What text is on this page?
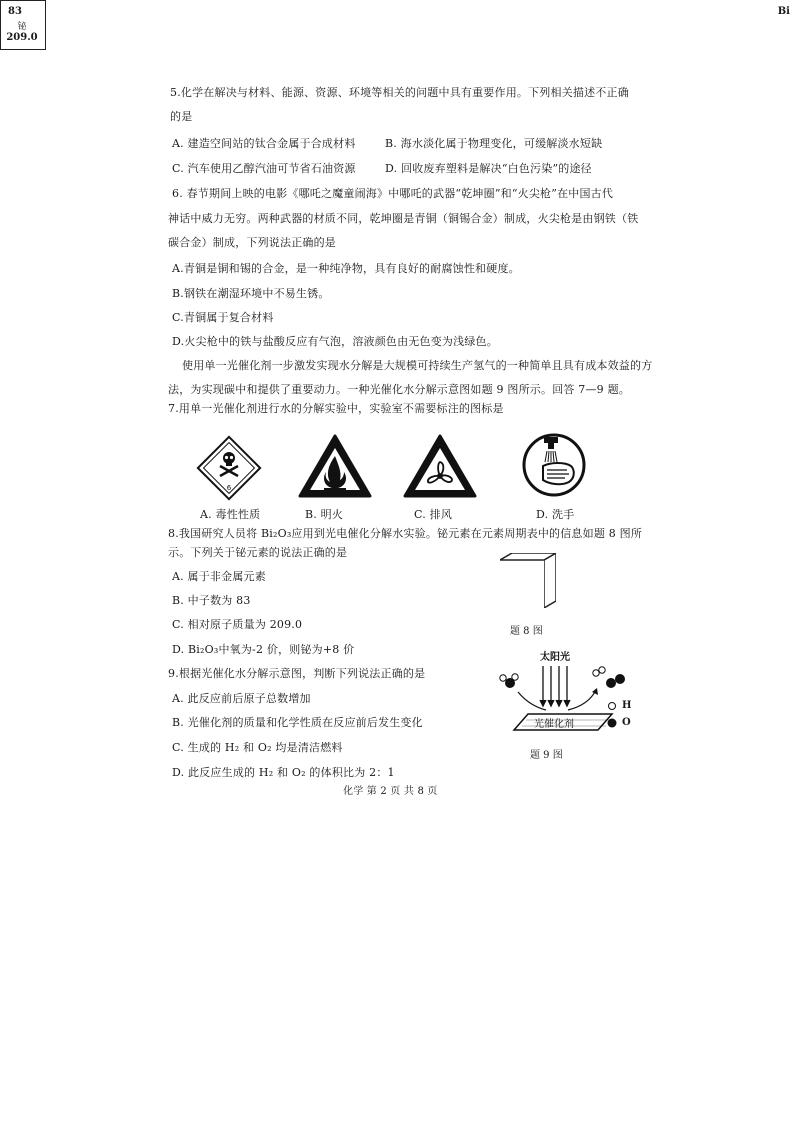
5.化学在解决与材料、能源、资源、环境等相关的问题中具有重要作用。下列相关描述不正确
的是
A. 建造空间站的钛合金属于合成材料	B. 海水淡化属于物理变化，可缓解淡水短缺
C. 汽车使用乙醇汽油可节省石油资源	D. 回收废弃塑料是解决“白色污染”的途径
6. 春节期间上映的电影《哪吒之魔童闹海》中哪吒的武器“乾坤圈”和“火尖枪”在中国古代
神话中威力无穷。两种武器的材质不同，乾坤圈是青铜（铜锡合金）制成，火尖枪是由钢铁（铁
碳合金）制成，下列说法正确的是
A.青铜是铜和锡的合金，是一种纯净物，具有良好的耐腐蚀性和硬度。
B.钢铁在潮湿环境中不易生锈。
C.青铜属于复合材料
D.火尖枪中的铁与盐酸反应有气泡，溶液颜色由无色变为浅绿色。
使用单一光催化剂一步激发实现水分解是大规模可持续生产氢气的一种简单且具有成本效益的方
法，为实现碳中和提供了重要动力。一种光催化水分解示意图如题 9 图所示。回答 7—9 题。
7.用单一光催化剂进行水的分解实验中，实验室不需要标注的图标是
6
A. 毒性性质	B. 明火	C. 排风	D. 洗手
8.我国研究人员将 Bi₂O₃应用到光电催化分解水实验。铋元素在元素周期表中的信息如题 8 图所
示。下列关于铋元素的说法正确的是
A. 属于非金属元素
B. 中子数为 83
C. 相对原子质量为 209.0
D. Bi₂O₃中氧为-2 价，则铋为+8 价
83	Bi
铋
209.0
题 8 图
9.根据光催化水分解示意图，判断下列说法正确的是
A. 此反应前后原子总数增加
B. 光催化剂的质量和化学性质在反应前后发生变化
C. 生成的 H₂ 和 O₂ 均是清洁燃料
D. 此反应生成的 H₂ 和 O₂ 的体积比为 2：1
太阳光
光催化剂
H
O
题 9 图
化学 第 2 页 共 8 页
